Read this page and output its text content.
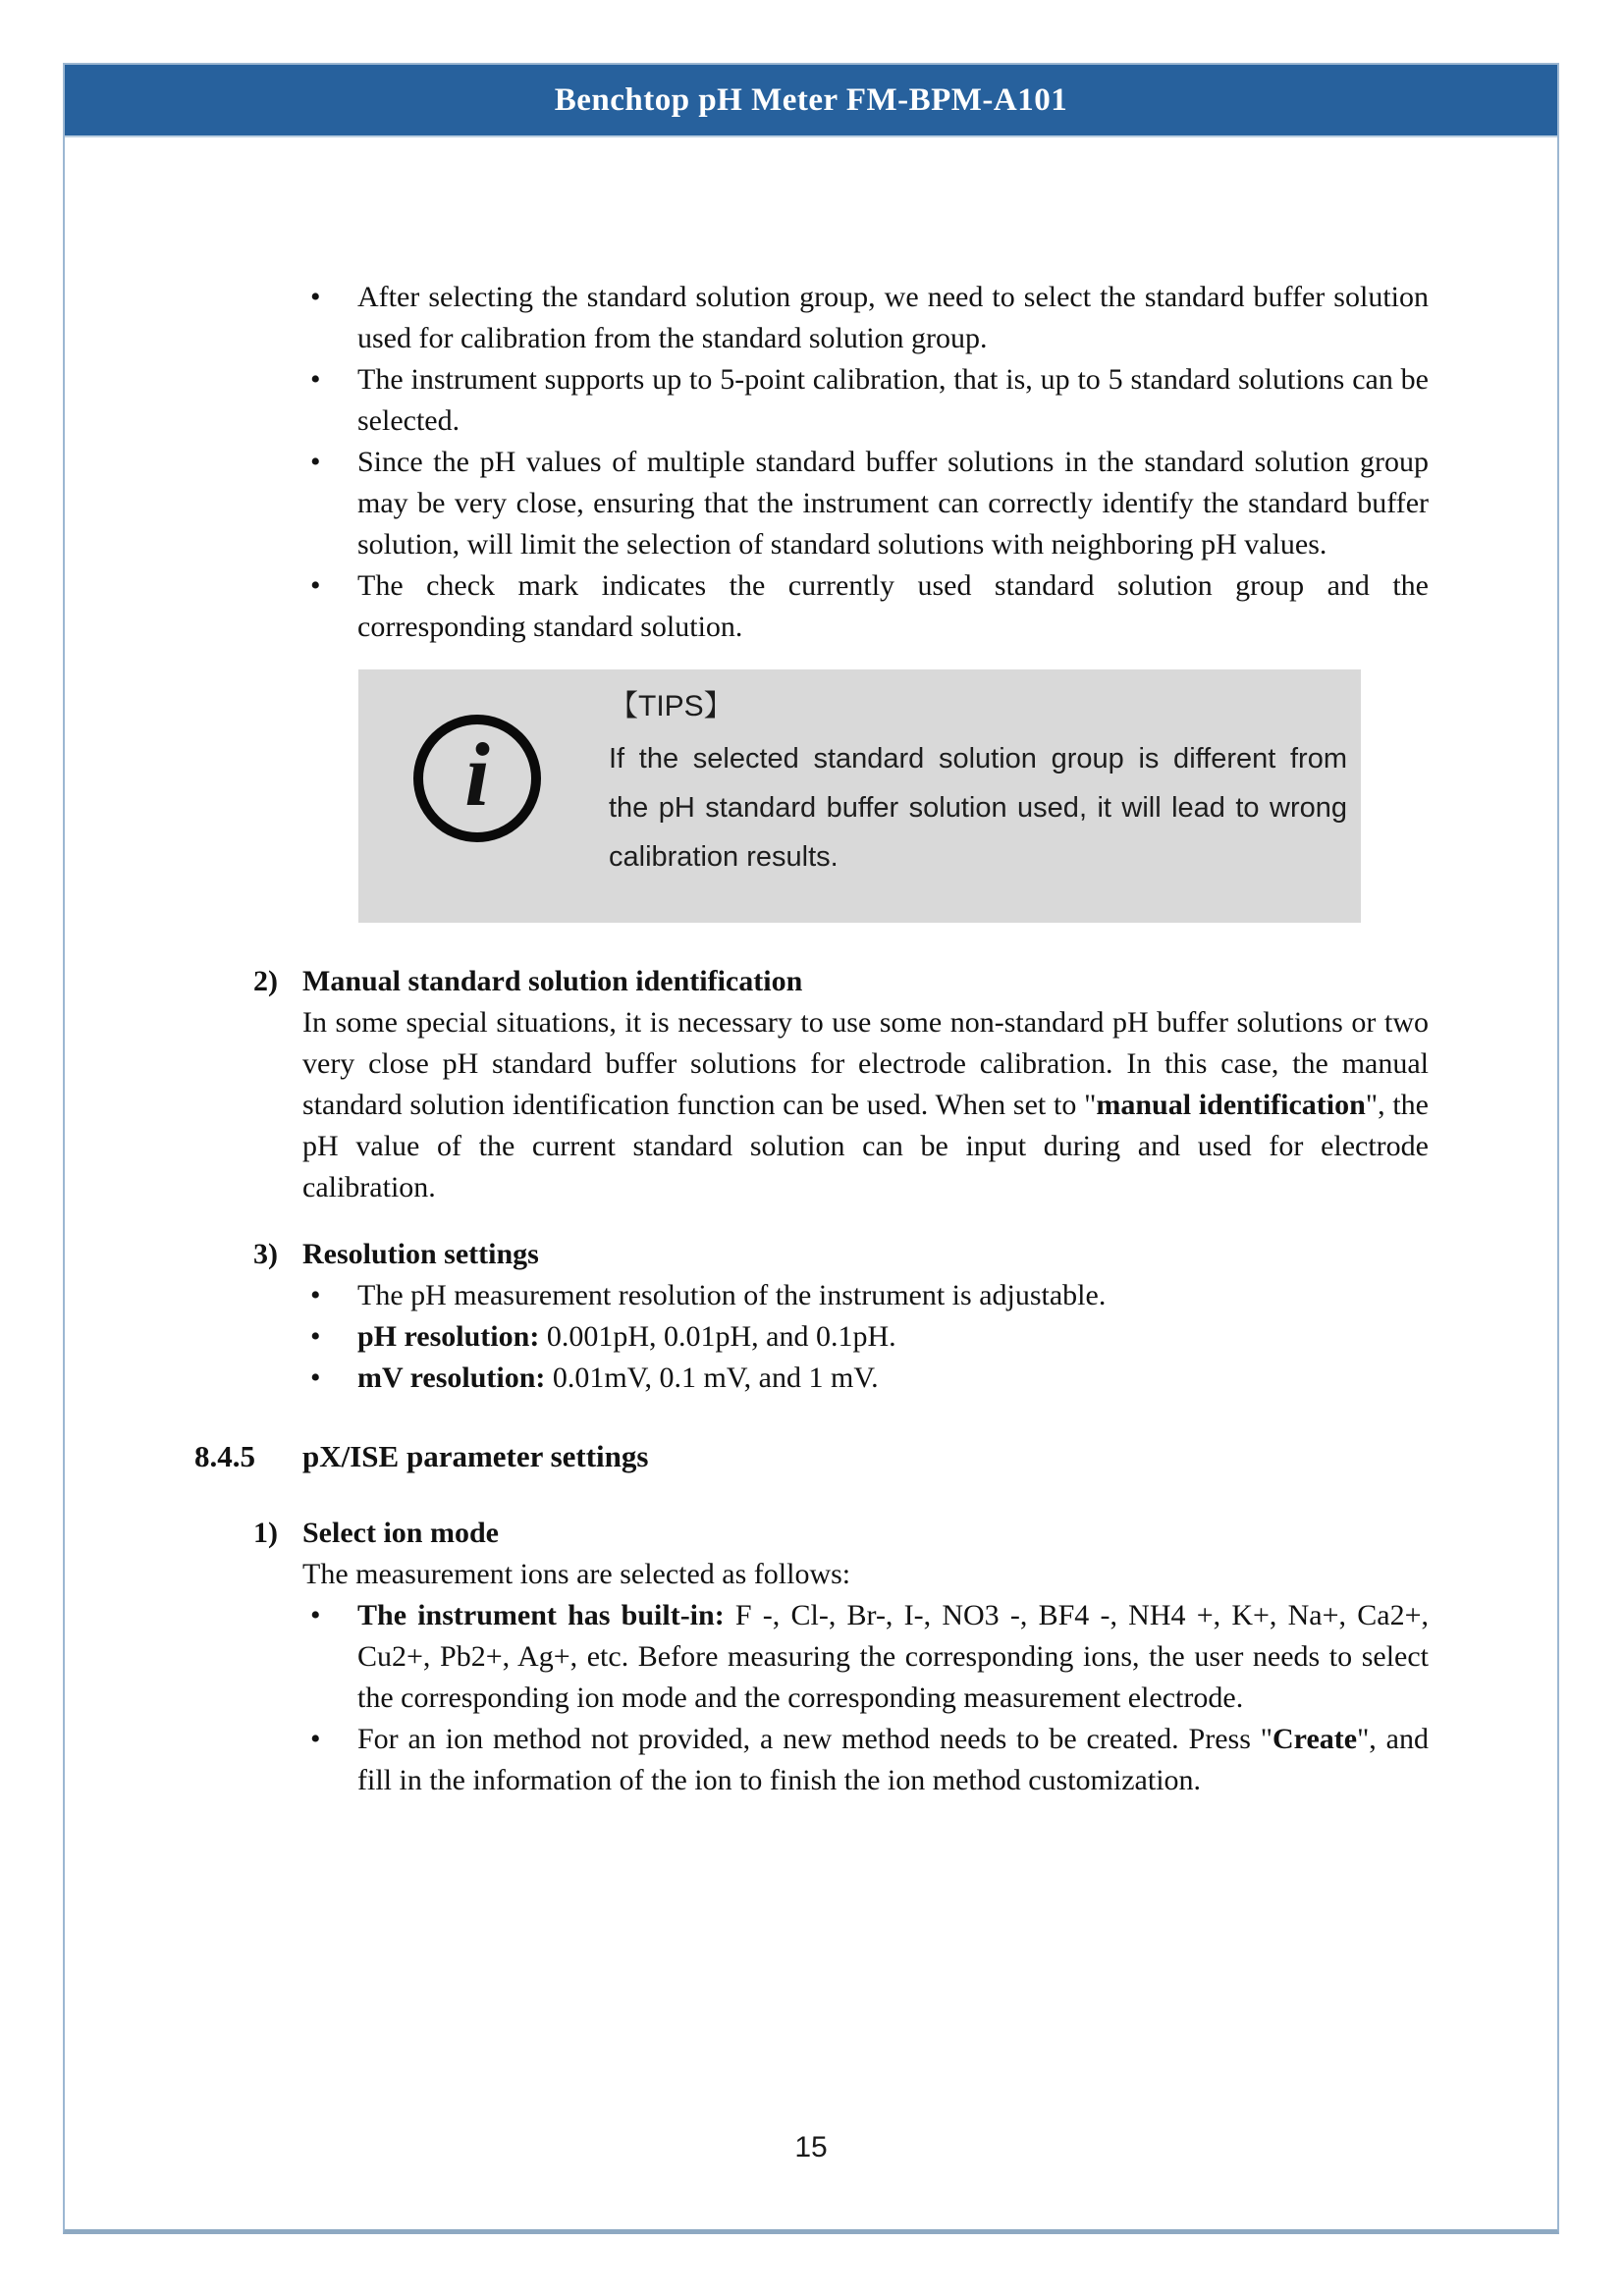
Benchtop pH Meter FM-BPM-A101
• After selecting the standard solution group, we need to select the standard buffer solution used for calibration from the standard solution group.
• The instrument supports up to 5-point calibration, that is, up to 5 standard solutions can be selected.
• Since the pH values of multiple standard buffer solutions in the standard solution group may be very close, ensuring that the instrument can correctly identify the standard buffer solution, will limit the selection of standard solutions with neighboring pH values.
• The check mark indicates the currently used standard solution group and the corresponding standard solution.
i
【TIPS】
If the selected standard solution group is different from
the pH standard buffer solution used, it will lead to wrong
calibration results.
2) Manual standard solution identification

In some special situations, it is necessary to use some non-standard pH buffer solutions or two very close pH standard buffer solutions for electrode calibration. In this case, the manual standard solution identification function can be used. When set to "manual identification", the pH value of the current standard solution can be input during and used for electrode calibration.

3) Resolution settings
• The pH measurement resolution of the instrument is adjustable.
• pH resolution: 0.001pH, 0.01pH, and 0.1pH.
• mV resolution: 0.01mV, 0.1 mV, and 1 mV.
8.4.5 pX/ISE parameter settings
1) Select ion mode
The measurement ions are selected as follows:
• The instrument has built-in: F -, Cl-, Br-, I-, NO3 -, BF4 -, NH4 +, K+, Na+, Ca2+, Cu2+, Pb2+, Ag+, etc. Before measuring the corresponding ions, the user needs to select the corresponding ion mode and the corresponding measurement electrode.
• For an ion method not provided, a new method needs to be created. Press "Create", and fill in the information of the ion to finish the ion method customization.
15
